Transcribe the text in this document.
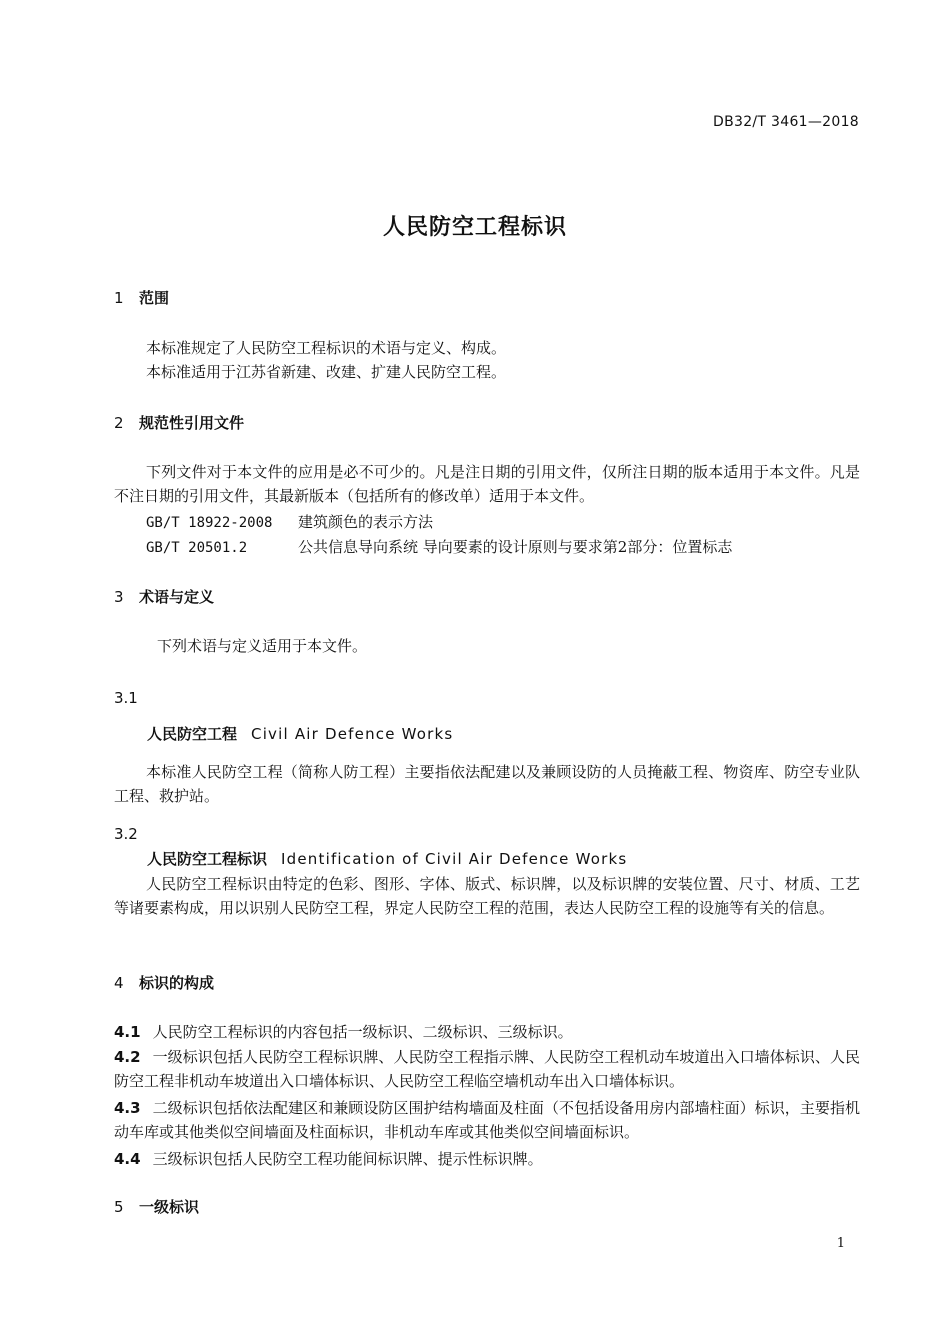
DB32/T 3461—2018
人民防空工程标识
1 范围
本标准规定了人民防空工程标识的术语与定义、构成。
本标准适用于江苏省新建、改建、扩建人民防空工程。
2 规范性引用文件
下列文件对于本文件的应用是必不可少的。凡是注日期的引用文件，仅所注日期的版本适用于本文件。凡是不注日期的引用文件，其最新版本（包括所有的修改单）适用于本文件。
GB/T 18922-2008 建筑颜色的表示方法
GB/T 20501.2	公共信息导向系统 导向要素的设计原则与要求第2部分：位置标志
3 术语与定义
下列术语与定义适用于本文件。
3.1
人民防空工程 Civil Air Defence Works
本标准人民防空工程（简称人防工程）主要指依法配建以及兼顾设防的人员掩蔽工程、物资库、防空专业队工程、救护站。
3.2
人民防空工程标识 Identification of Civil Air Defence Works
人民防空工程标识由特定的色彩、图形、字体、版式、标识牌，以及标识牌的安装位置、尺寸、材质、工艺等诸要素构成，用以识别人民防空工程，界定人民防空工程的范围，表达人民防空工程的设施等有关的信息。
4 标识的构成
4.1 人民防空工程标识的内容包括一级标识、二级标识、三级标识。
4.2 一级标识包括人民防空工程标识牌、人民防空工程指示牌、人民防空工程机动车坡道出入口墙体标识、人民防空工程非机动车坡道出入口墙体标识、人民防空工程临空墙机动车出入口墙体标识。
4.3 二级标识包括依法配建区和兼顾设防区围护结构墙面及柱面（不包括设备用房内部墙柱面）标识，主要指机动车库或其他类似空间墙面及柱面标识，非机动车库或其他类似空间墙面标识。
4.4 三级标识包括人民防空工程功能间标识牌、提示性标识牌。
5 一级标识
1
